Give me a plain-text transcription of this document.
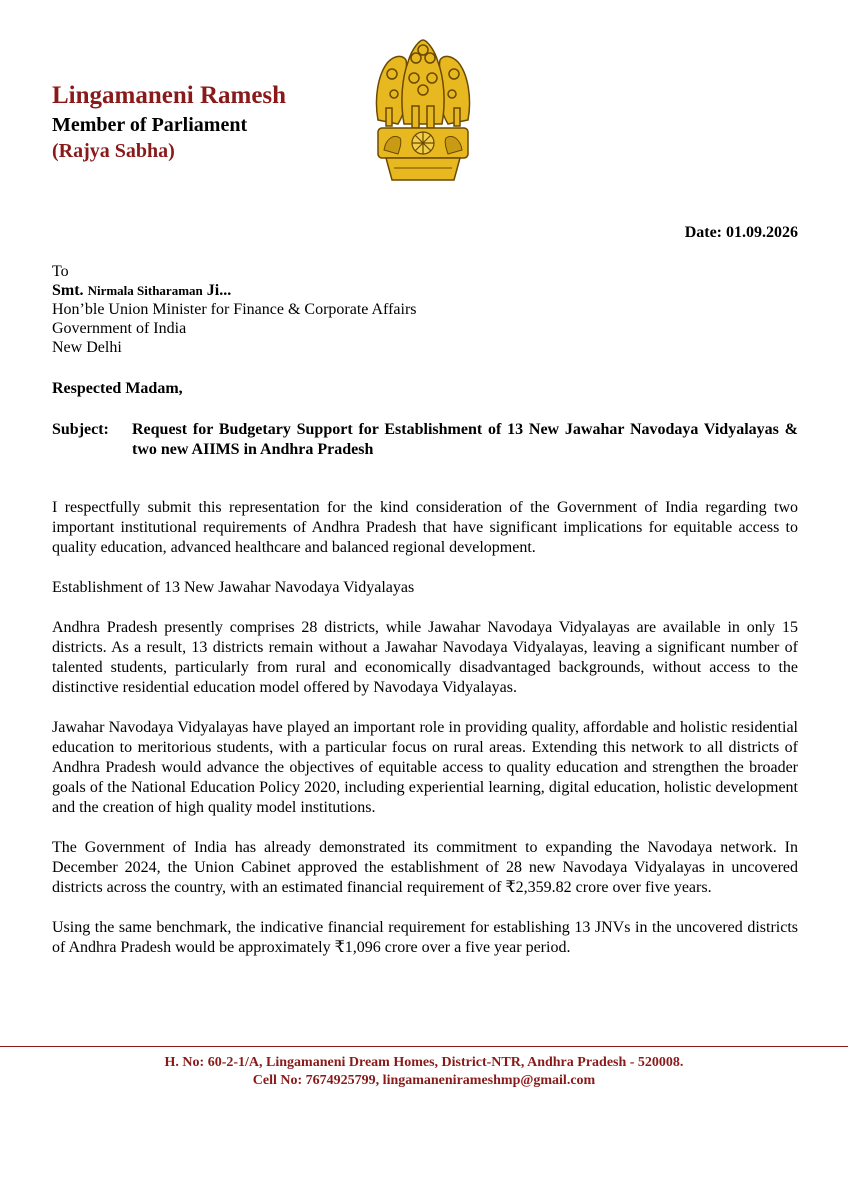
Lingamaneni Ramesh
Member of Parliament
(Rajya Sabha)
Date: 01.09.2026
To
Smt. Nirmala Sitharaman Ji...
Hon’ble Union Minister for Finance & Corporate Affairs
Government of India
New Delhi
Respected Madam,
Subject:	Request for Budgetary Support for Establishment of 13 New Jawahar Navodaya Vidyalayas & two new AIIMS in Andhra Pradesh

I respectfully submit this representation for the kind consideration of the Government of India regarding two important institutional requirements of Andhra Pradesh that have significant implications for equitable access to quality education, advanced healthcare and balanced regional development.

Establishment of 13 New Jawahar Navodaya Vidyalayas

Andhra Pradesh presently comprises 28 districts, while Jawahar Navodaya Vidyalayas are available in only 15 districts. As a result, 13 districts remain without a Jawahar Navodaya Vidyalayas, leaving a significant number of talented students, particularly from rural and economically disadvantaged backgrounds, without access to the distinctive residential education model offered by Navodaya Vidyalayas.

Jawahar Navodaya Vidyalayas have played an important role in providing quality, affordable and holistic residential education to meritorious students, with a particular focus on rural areas. Extending this network to all districts of Andhra Pradesh would advance the objectives of equitable access to quality education and strengthen the broader goals of the National Education Policy 2020, including experiential learning, digital education, holistic development and the creation of high quality model institutions.

The Government of India has already demonstrated its commitment to expanding the Navodaya network. In December 2024, the Union Cabinet approved the establishment of 28 new Navodaya Vidyalayas in uncovered districts across the country, with an estimated financial requirement of ₹2,359.82 crore over five years.

Using the same benchmark, the indicative financial requirement for establishing 13 JNVs in the uncovered districts of Andhra Pradesh would be approximately ₹1,096 crore over a five year period.

H. No: 60-2-1/A, Lingamaneni Dream Homes, District-NTR, Andhra Pradesh - 520008.
Cell No: 7674925799, lingamanenirameshmp@gmail.com
